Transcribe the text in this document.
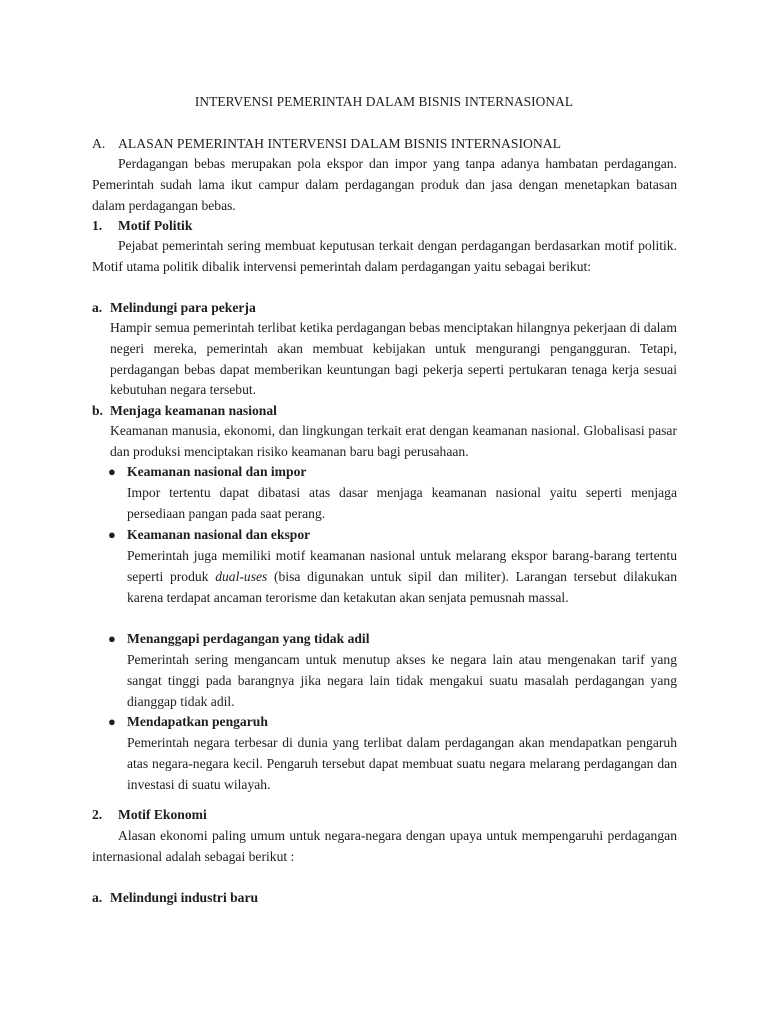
INTERVENSI PEMERINTAH DALAM BISNIS INTERNASIONAL
A. ALASAN PEMERINTAH INTERVENSI DALAM BISNIS INTERNASIONAL

Perdagangan bebas merupakan pola ekspor dan impor yang tanpa adanya hambatan perdagangan. Pemerintah sudah lama ikut campur dalam perdagangan produk dan jasa dengan menetapkan batasan dalam perdagangan bebas.

1. Motif Politik

Pejabat pemerintah sering membuat keputusan terkait dengan perdagangan berdasarkan motif politik. Motif utama politik dibalik intervensi pemerintah dalam perdagangan yaitu sebagai berikut:

a. Melindungi para pekerja

Hampir semua pemerintah terlibat ketika perdagangan bebas menciptakan hilangnya pekerjaan di dalam negeri mereka, pemerintah akan membuat kebijakan untuk mengurangi pengangguran. Tetapi, perdagangan bebas dapat memberikan keuntungan bagi pekerja seperti pertukaran tenaga kerja sesuai kebutuhan negara tersebut.

b. Menjaga keamanan nasional

Keamanan manusia, ekonomi, dan lingkungan terkait erat dengan keamanan nasional. Globalisasi pasar dan produksi menciptakan risiko keamanan baru bagi perusahaan.

● Keamanan nasional dan impor

Impor tertentu dapat dibatasi atas dasar menjaga keamanan nasional yaitu seperti menjaga persediaan pangan pada saat perang.

● Keamanan nasional dan ekspor

Pemerintah juga memiliki motif keamanan nasional untuk melarang ekspor barang-barang tertentu seperti produk dual-uses (bisa digunakan untuk sipil dan militer). Larangan tersebut dilakukan karena terdapat ancaman terorisme dan ketakutan akan senjata pemusnah massal.

● Menanggapi perdagangan yang tidak adil

Pemerintah sering mengancam untuk menutup akses ke negara lain atau mengenakan tarif yang sangat tinggi pada barangnya jika negara lain tidak mengakui suatu masalah perdagangan yang dianggap tidak adil.

● Mendapatkan pengaruh

Pemerintah negara terbesar di dunia yang terlibat dalam perdagangan akan mendapatkan pengaruh atas negara-negara kecil. Pengaruh tersebut dapat membuat suatu negara melarang perdagangan dan investasi di suatu wilayah.

2. Motif Ekonomi

Alasan ekonomi paling umum untuk negara-negara dengan upaya untuk mempengaruhi perdagangan internasional adalah sebagai berikut :

a. Melindungi industri baru
